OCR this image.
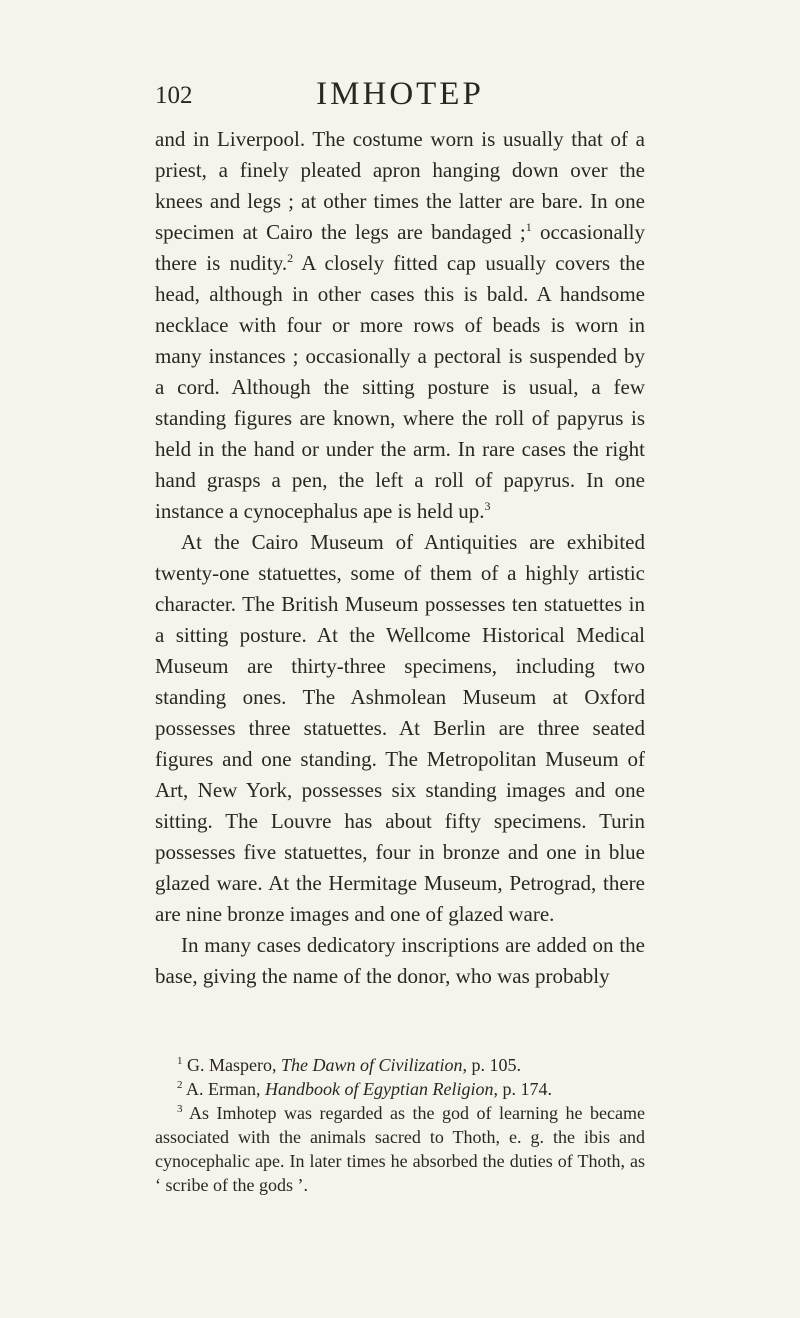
102	IMHOTEP

and in Liverpool. The costume worn is usually that of a priest, a finely pleated apron hanging down over the knees and legs ; at other times the latter are bare. In one specimen at Cairo the legs are bandaged ;$^1$ occasionally there is nudity.$^2$ A closely fitted cap usually covers the head, although in other cases this is bald. A handsome necklace with four or more rows of beads is worn in many instances ; occasionally a pectoral is suspended by a cord. Although the sitting posture is usual, a few standing figures are known, where the roll of papyrus is held in the hand or under the arm. In rare cases the right hand grasps a pen, the left a roll of papyrus. In one instance a cynocephalus ape is held up.$^3$

At the Cairo Museum of Antiquities are exhibited twenty-one statuettes, some of them of a highly artistic character. The British Museum possesses ten statuettes in a sitting posture. At the Wellcome Historical Medical Museum are thirty-three specimens, including two standing ones. The Ashmolean Museum at Oxford possesses three statuettes. At Berlin are three seated figures and one standing. The Metropolitan Museum of Art, New York, possesses six standing images and one sitting. The Louvre has about fifty specimens. Turin possesses five statuettes, four in bronze and one in blue glazed ware. At the Hermitage Museum, Petrograd, there are nine bronze images and one of glazed ware.

In many cases dedicatory inscriptions are added on the base, giving the name of the donor, who was probably

$^1$ G. Maspero, The Dawn of Civilization, p. 105.

$^2$ A. Erman, Handbook of Egyptian Religion, p. 174.

$^3$ As Imhotep was regarded as the god of learning he became associated with the animals sacred to Thoth, e. g. the ibis and cynocephalic ape. In later times he absorbed the duties of Thoth, as ‘ scribe of the gods ’.
